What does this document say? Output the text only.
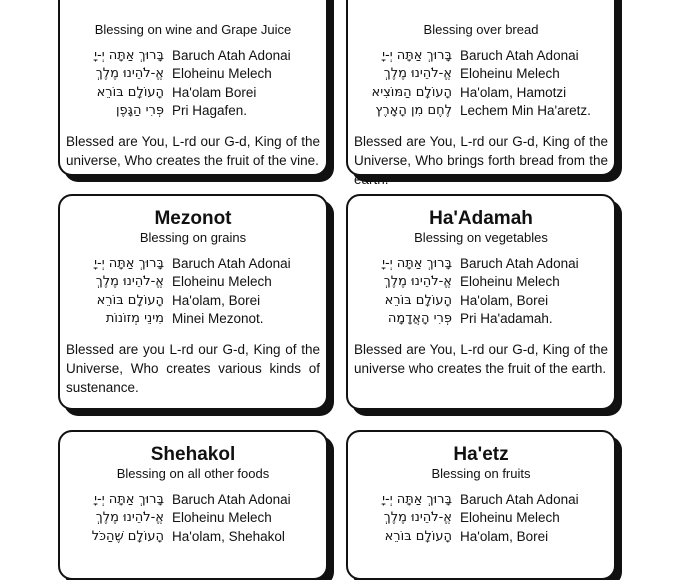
Blessing on wine and Grape Juice
בָּרוּךְ אַתָּה יְ-יָ Baruch Atah Adonai
אֱ-לֹהֵינוּ מֶלֶךְ Eloheinu Melech
הָעוֹלָם בּוֹרֵא Ha'olam Borei
פְּרִי הַגָּפֶן Pri Hagafen.
Blessed are You, L-rd our G-d, King of the universe, Who creates the fruit of the vine.
Blessing over bread
בָּרוּךְ אַתָּה יְ-יָ Baruch Atah Adonai
אֱ-לֹהֵינוּ מֶלֶךְ Eloheinu Melech
הָעוֹלָם הַמּוֹצִיא Ha'olam, Hamotzi
לֶחֶם מִן הָאָרֶץ Lechem Min Ha'aretz.
Blessed are You, L-rd our G-d, King of the Universe, Who brings forth bread from the earth.
Mezonot
Blessing on grains
בָּרוּךְ אַתָּה יְ-יָ Baruch Atah Adonai
אֱ-לֹהֵינוּ מֶלֶךְ Eloheinu Melech
הָעוֹלָם בּוֹרֵא Ha'olam, Borei
מִינֵי מְזוֹנוֹת Minei Mezonot.
Blessed are you L-rd our G-d, King of the Universe, Who creates various kinds of sustenance.
Ha'Adamah
Blessing on vegetables
בָּרוּךְ אַתָּה יְ-יָ Baruch Atah Adonai
אֱ-לֹהֵינוּ מֶלֶךְ Eloheinu Melech
הָעוֹלָם בּוֹרֵא Ha'olam, Borei
פְּרִי הָאֲדָמָה Pri Ha'adamah.
Blessed are You, L-rd our G-d, King of the universe who creates the fruit of the earth.
Shehakol
Blessing on all other foods
בָּרוּךְ אַתָּה יְ-יָ Baruch Atah Adonai
אֱ-לֹהֵינוּ מֶלֶךְ Eloheinu Melech
הָעוֹלָם שֶׁהַכֹּל Ha'olam, Shehakol
Ha'etz
Blessing on fruits
בָּרוּךְ אַתָּה יְ-יָ Baruch Atah Adonai
אֱ-לֹהֵינוּ מֶלֶךְ Eloheinu Melech
הָעוֹלָם בּוֹרֵא Ha'olam, Borei
